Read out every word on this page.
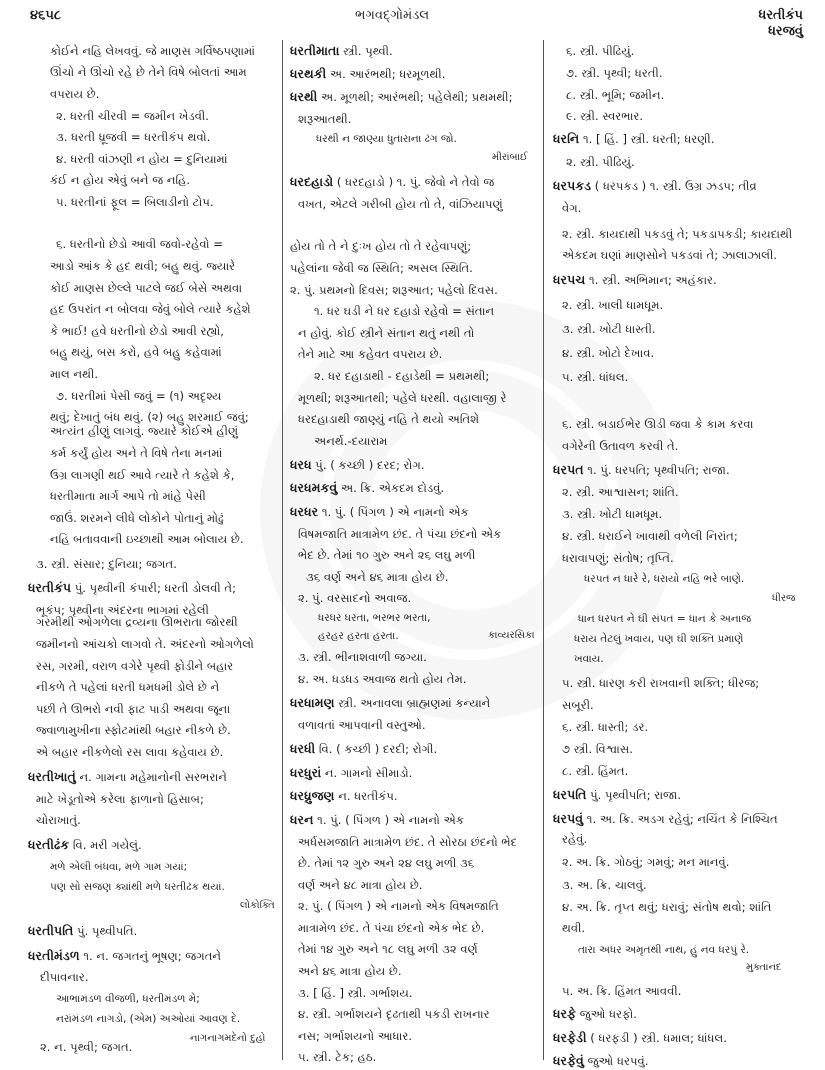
૪૬૫૮	ભગવદ્ગોમંડલ	ધરતીકંપ
ધરજવું
કોઈને નહિ લેખવવું. જે માણસ ગર્વિષ્ઠપણામાં
ઊંચો ને ઊંચો રહે છે તેને વિષે બોલતાં આમ
વપરાય છે.
૨. ધરતી ચીરવી = જમીન ખેડવી.
૩. ધરતી ધ્રૂજવી = ધરતીકંપ થવો.
૪. ધરતી વાંઝણી ન હોય = દુનિયામાં
કંઈ ન હોય એવું બને જ નહિ.
૫. ધરતીનાં ફૂલ = બિલાડીનો ટોપ.
૬. ધરતીનો છેડો આવી જવો-રહેવો =
આડો આંક કે હદ થવી; બહુ થવું. જ્યારે
કોઈ માણસ છેલ્લે પાટલે જઈ બેસે અથવા
હદ ઉપરાંત ન બોલવા જેવું બોલે ત્યારે કહેશે
કે ભાઈ! હવે ધરતીનો છેડો આવી રહ્યો,
બહુ થયું, બસ કરો, હવે બહુ કહેવામાં
માલ નથી.
૭. ધરતીમાં પેસી જવું = (૧) અદૃશ્ય
થવું; દેખાતું બંધ થવું. (૨) બહુ શરમાઈ જવું;
અત્યંત હીણું લાગવું. જ્યારે કોઈએ હીણું
કર્મ કર્યું હોય અને તે વિષે તેના મનમાં
ઉગ્ર લાગણી થઈ આવે ત્યારે તે કહેશે કે,
ધરતીમાતા માર્ગ આપે તો માંહે પેસી
જાઉં. શરમને લીધે લોકોને પોતાનું મોઢું
નહિ બતાવવાની ઇચ્છાથી આમ બોલાય છે.
૩. સ્ત્રી. સંસાર; દુનિયા; જગત.
ધરતીકંપ પું. પૃથ્વીની કંપારી; ધરતી ડોલવી તે;
ભૂકંપ; પૃથ્વીના અંદરના ભાગમાં રહેલી
ગરમીથી ઓગળેલા દ્રવ્યના ઊભરાતા જોરથી
જમીનનો આંચકો લાગવો તે. અંદરનો ઓગળેલો
રસ, ગરમી, વરાળ વગેરે પૃથ્વી ફોડીને બહાર
નીકળે તે પહેલાં ધરતી ધમધમી ડોલે છે ને
પછી તે ઊભરો નવી ફાટ પાડી અથવા જૂના
જ્વાળામુખીના સ્ફોટમાંથી બહાર નીકળે છે.
એ બહાર નીકળેલો રસ લાવા કહેવાય છે.
ધરતીખાતું ન. ગામના મહેમાનોની સરભરાને
માટે ખેડૂતોએ કરેલા ફાળાનો હિસાબ;
ચોરાખાતું.
ધરતીઢંક વિ. મરી ગયેલું.
મળે એલી બંધવા, મળે ગામ ગયાં;
પણ સો સજણ ક્યાંથી મળે ધરતીઢંક થયાં.
લોકોક્તિ
ધરતીપતિ પું. પૃથ્વીપતિ.
ધરતીમંડળ ૧. ન. જગતનું ભૂષણ; જગતને
દીપાવનાર.
આભામંડળ વીજળી, ધરતીમંડળ મે;
નરાંમંડળ નાગડો, (એમ) અઓયાં આવણ દે.
નાગનાગમદેનો દુહો
૨. ન. પૃથ્વી; જગત.
ધરતીમાતા સ્ત્રી. પૃથ્વી.
ધરથકી અ. આરંભથી; ધરમૂળથી.
ધરથી અ. મૂળથી; આરંભથી; પહેલેથી; પ્રથમથી;
શરૂઆતથી.
ધરથી ન જાણ્યા ધુતારાના ઢંગ જો.
મીરાંબાઈ
ધરદહાડો ( ધરદહાડો ) ૧. પું. જેવો ને તેવો જ
વખત, એટલે ગરીબી હોય તો તે, વાંઝિયાપણું
હોય તો તે ને દુઃખ હોય તો તે રહેવાપણું;
પહેલાંના જેવી જ સ્થિતિ; અસલ સ્થિતિ.
૨. પું. પ્રથમનો દિવસ; શરૂઆત; પહેલો દિવસ.
૧. ધર ઘડી ને ધર દહાડો રહેવો = સંતાન
ન હોવું. કોઈ સ્ત્રીને સંતાન થતું નથી તો
તેને માટે આ કહેવત વપરાય છે.
૨. ધર દહાડાથી - દહાડેથી = પ્રથમથી;
મૂળથી; શરૂઆતથી; પહેલે ધરથી. વહાલાજી રે
ધરદહાડાથી જાણ્યું નહિ તે થયો અતિશે
અનર્થ.-દયારામ
ધરધ પું. ( કચ્છી ) દરદ; રોગ.
ધરધમકવું અ. ક્રિ. એકદમ દોડવું.
ધરધર ૧. પું. ( પિંગળ ) એ નામનો એક
વિષમજાતિ માત્રામેળ છંદ. તે પંચા છંદનો એક
ભેદ છે. તેમાં ૧૦ ગુરુ અને ૨૬ લઘુ મળી
૩૬ વર્ણ અને ૪૬ માત્રા હોય છે.
૨. પું. વરસાદનો અવાજ.
ધરધર ધરતા, ભરભર ભરતા,
હરહર હરતા હરતા.	કાવ્યરસિકા
૩. સ્ત્રી. ભીનાશવાળી જગ્યા.
૪. અ. ધડધડ અવાજ થતો હોય તેમ.
ધરધામણ સ્ત્રી. અનાવલા બ્રાહ્મણમાં કન્યાને
વળાવતાં આપવાની વસ્તુઓ.
ધરધી વિ. ( કચ્છી ) દરદી; રોગી.
ધરધુરાં ન. ગામનો સીમાડો.
ધરધ્રુજણ ન. ધરતીકંપ.
ધરન ૧. પું. ( પિંગળ ) એ નામનો એક
અર્ધસમજાતિ માત્રામેળ છંદ. તે સોરઠા છંદનો ભેદ
છે. તેમાં ૧૨ ગુરુ અને ૨૪ લઘુ મળી ૩૬
વર્ણ અને ૪૮ માત્રા હોય છે.
૨. પું. ( પિંગળ ) એ નામનો એક વિષમજાતિ
માત્રામેળ છંદ. તે પંચા છંદનો એક ભેદ છે.
તેમાં ૧૪ ગુરુ અને ૧૮ લઘુ મળી ૩૨ વર્ણ
અને ૪૬ માત્રા હોય છે.
૩. [ હિં. ] સ્ત્રી. ગર્ભાશય.
૪. સ્ત્રી. ગર્ભાશયને દૃઢતાથી પકડી રાખનાર
નસ; ગર્ભાશયનો આધાર.
૫. સ્ત્રી. ટેક; હઠ.
૬. સ્ત્રી. પીઢિયું.
૭. સ્ત્રી. પૃથ્વી; ધરતી.
૮. સ્ત્રી. ભૂમિ; જમીન.
૯. સ્ત્રી. સ્વરભાર.
ધરનિ ૧. [ હિં. ] સ્ત્રી. ધરતી; ધરણી.
૨. સ્ત્રી. પીઢિયું.
ધરપકડ ( ધરપકડ ) ૧. સ્ત્રી. ઉગ્ર ઝડપ; તીવ્ર
વેગ.
૨. સ્ત્રી. કાયદાથી પકડવું તે; પકડાપકડી; કાયદાથી
એકદમ ઘણાં માણસોને પકડવાં તે; ઝાલાઝાલી.
ધરપચ ૧. સ્ત્રી. અભિમાન; અહંકાર.
૨. સ્ત્રી. ખાલી ધામધૂમ.
૩. સ્ત્રી. ખોટી ધાસ્તી.
૪. સ્ત્રી. ખોટો દેખાવ.
૫. સ્ત્રી. ધાંધલ.
૬. સ્ત્રી. બડાઈભેર ઊડી જવા કે કામ કરવા
વગેરેની ઉતાવળ કરવી તે.
ધરપત ૧. પું. ધરપતિ; પૃથ્વીપતિ; રાજા.
૨. સ્ત્રી. આશ્વાસન; શાંતિ.
૩. સ્ત્રી. ખોટી ધામધૂમ.
૪. સ્ત્રી. ધરાઈને ખાવાથી વળેલી નિરાંત;
ધરાવાપણું; સંતોષ; તૃપ્તિ.
ધરપત ન ધારે રે, ધરાયો નહિ ભરે બાણે.
ધીરજ
ધાન ધરપત ને ઘી સંપત = ધાન કે અનાજ
ધરાય તેટલું ખવાય, પણ ઘી શક્તિ પ્રમાણે
ખવાય.
૫. સ્ત્રી. ધારણ કરી રાખવાની શક્તિ; ધીરજ;
સબૂરી.
૬. સ્ત્રી. ધાસ્તી; ડર.
૭ સ્ત્રી. વિશ્વાસ.
૮. સ્ત્રી. હિંમત.
ધરપતિ પું. પૃથ્વીપતિ; રાજા.
ધરપવું ૧. અ. ક્રિ. અડગ રહેવું; નચિંત કે નિશ્ચિત
રહેવું.
૨. અ. ક્રિ. ગોઠવું; ગમવું; મન માનવું.
૩. અ. ક્રિ. ચાલવું.
૪. અ. ક્રિ. તૃપ્ત થવું; ધરાવું; સંતોષ થવો; શાંતિ
થવી.
તારા અધર અમૃતથી નાથ, હું નવ ધરપું રે.
મુક્તાનંદ
૫. અ. ક્રિ. હિંમત આવવી.
ધરફે જુઓ ધરફો.
ધરફેડી ( ધરફડી ) સ્ત્રી. ધમાલ; ધાંધલ.
ધરફેવું જુઓ ધરપવું.
